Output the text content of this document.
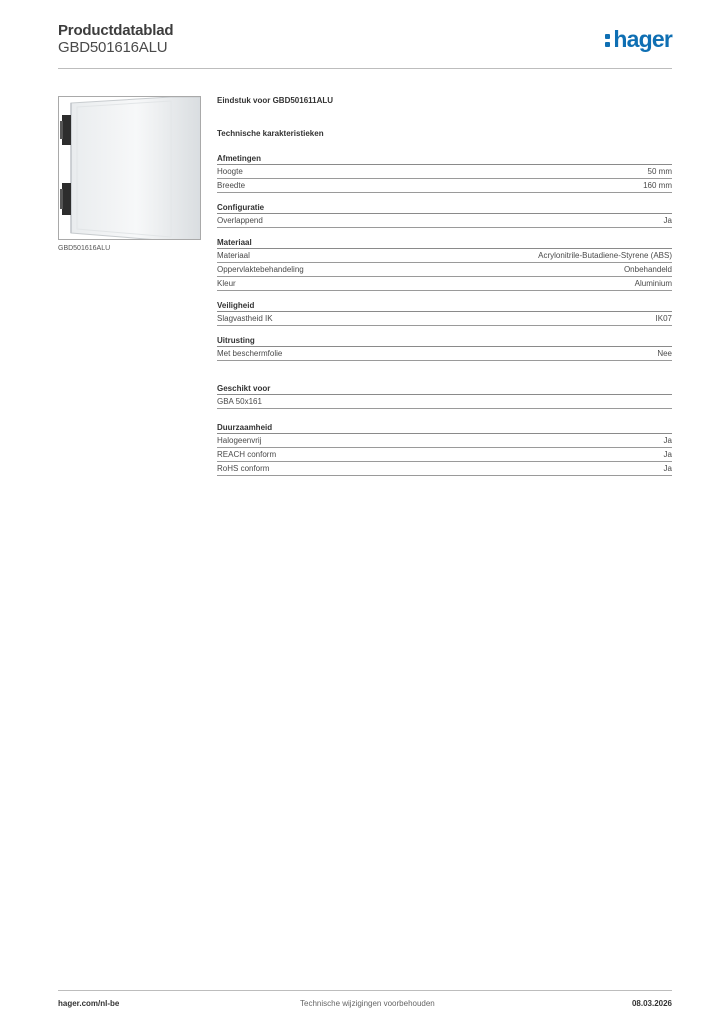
Productdatablad
GBD501616ALU	hager
GBD501616ALU
Eindstuk voor GBD501611ALU
Technische karakteristieken
Afmetingen
Hoogte	50 mm
Breedte	160 mm
Configuratie
Overlappend	Ja
Materiaal
Materiaal	Acrylonitrile-Butadiene-Styrene (ABS)
Oppervlaktebehandeling	Onbehandeld
Kleur	Aluminium
Veiligheid
Slagvastheid IK	IK07
Uitrusting
Met beschermfolie	Nee
Geschikt voor
GBA 50x161
Duurzaamheid
Halogeenvrij	Ja
REACH conform	Ja
RoHS conform	Ja
hager.com/nl-be	Technische wijzigingen voorbehouden	08.03.2026
